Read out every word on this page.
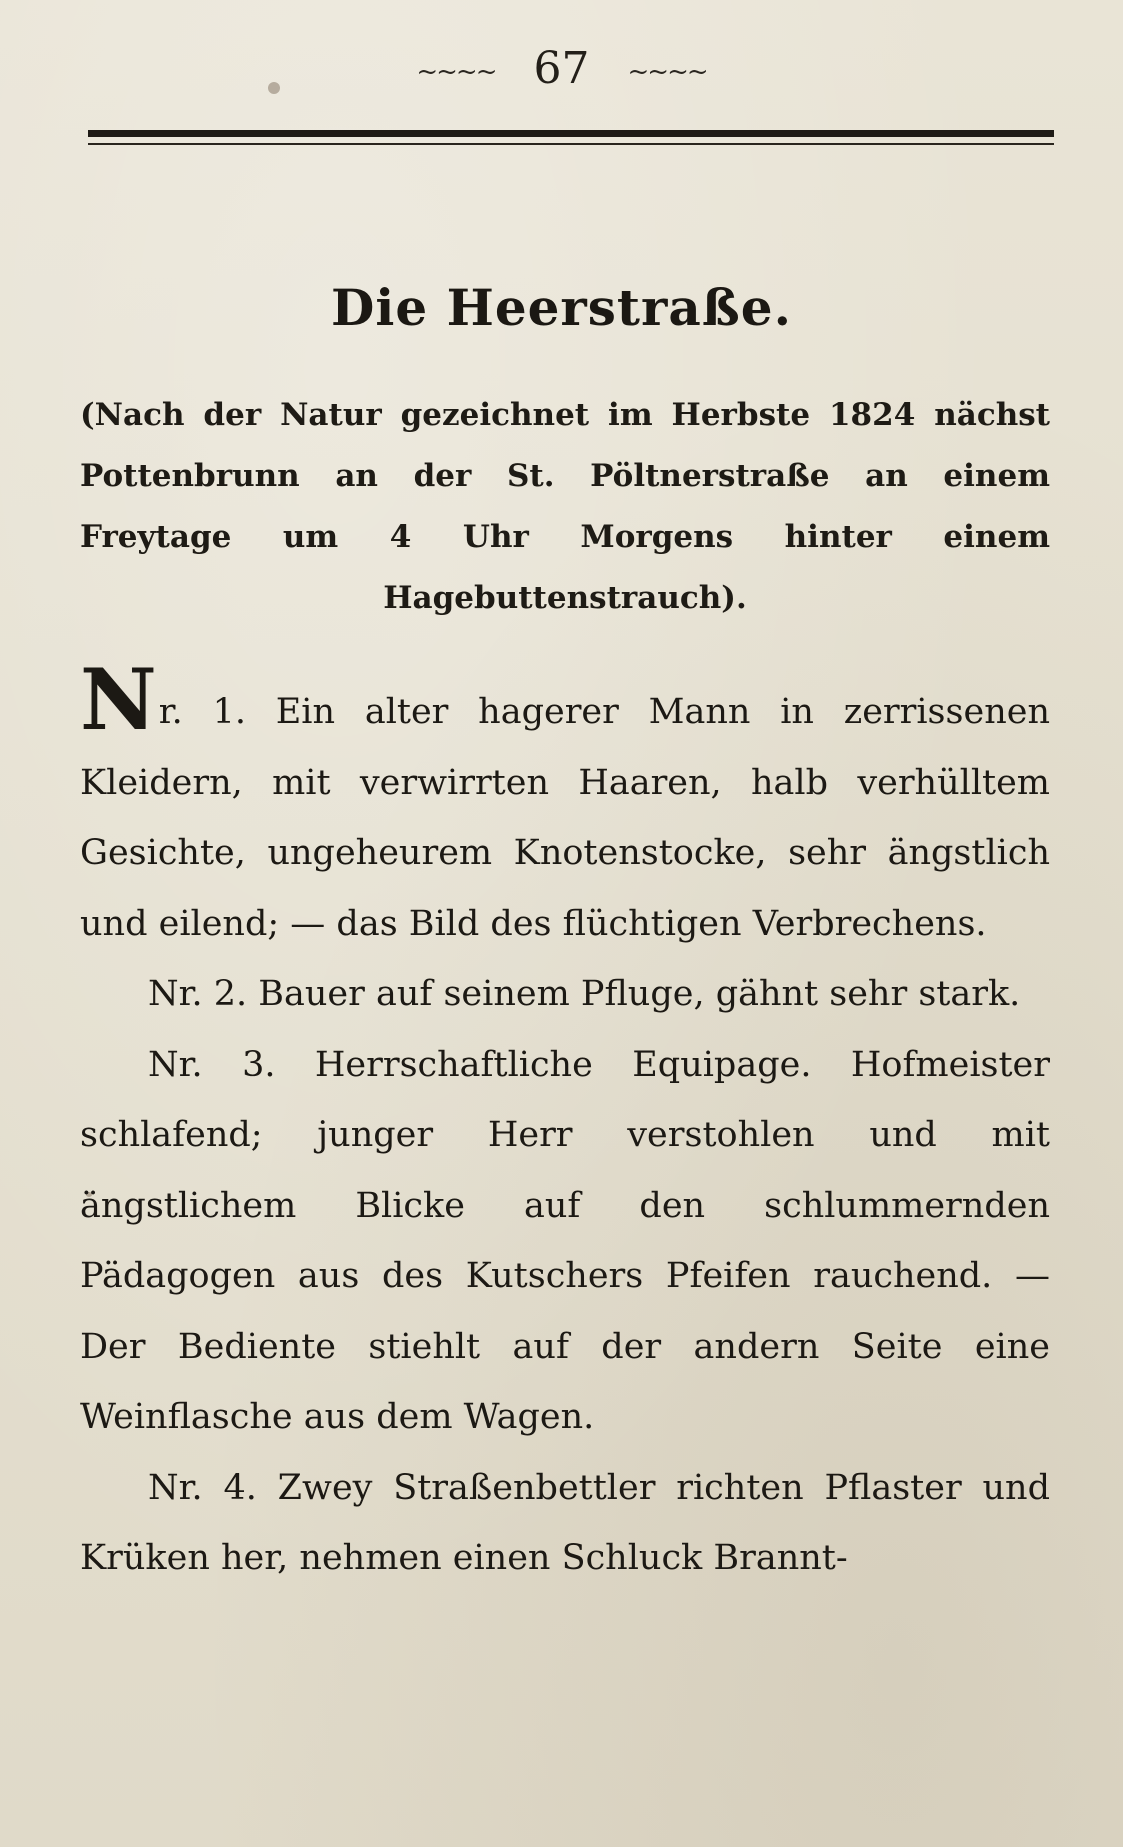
~~~~ 67 ~~~~
Die Heerstraße.
(Nach der Natur gezeichnet im Herbste 1824 nächst Pottenbrunn an der St. Pöltnerstraße an einem Freytage um 4 Uhr Morgens hinter einem Hagebuttenstrauch).

Nr. 1. Ein alter hagerer Mann in zerrissenen Kleidern, mit verwirrten Haaren, halb verhülltem Gesichte, ungeheurem Knotenstocke, sehr ängstlich und eilend; — das Bild des flüchtigen Verbrechens.

Nr. 2. Bauer auf seinem Pfluge, gähnt sehr stark.

Nr. 3. Herrschaftliche Equipage. Hofmeister schlafend; junger Herr verstohlen und mit ängstlichem Blicke auf den schlummernden Pädagogen aus des Kutschers Pfeifen rauchend. — Der Bediente stiehlt auf der andern Seite eine Weinflasche aus dem Wagen.

Nr. 4. Zwey Straßenbettler richten Pflaster und Krüken her, nehmen einen Schluck Brannt-
